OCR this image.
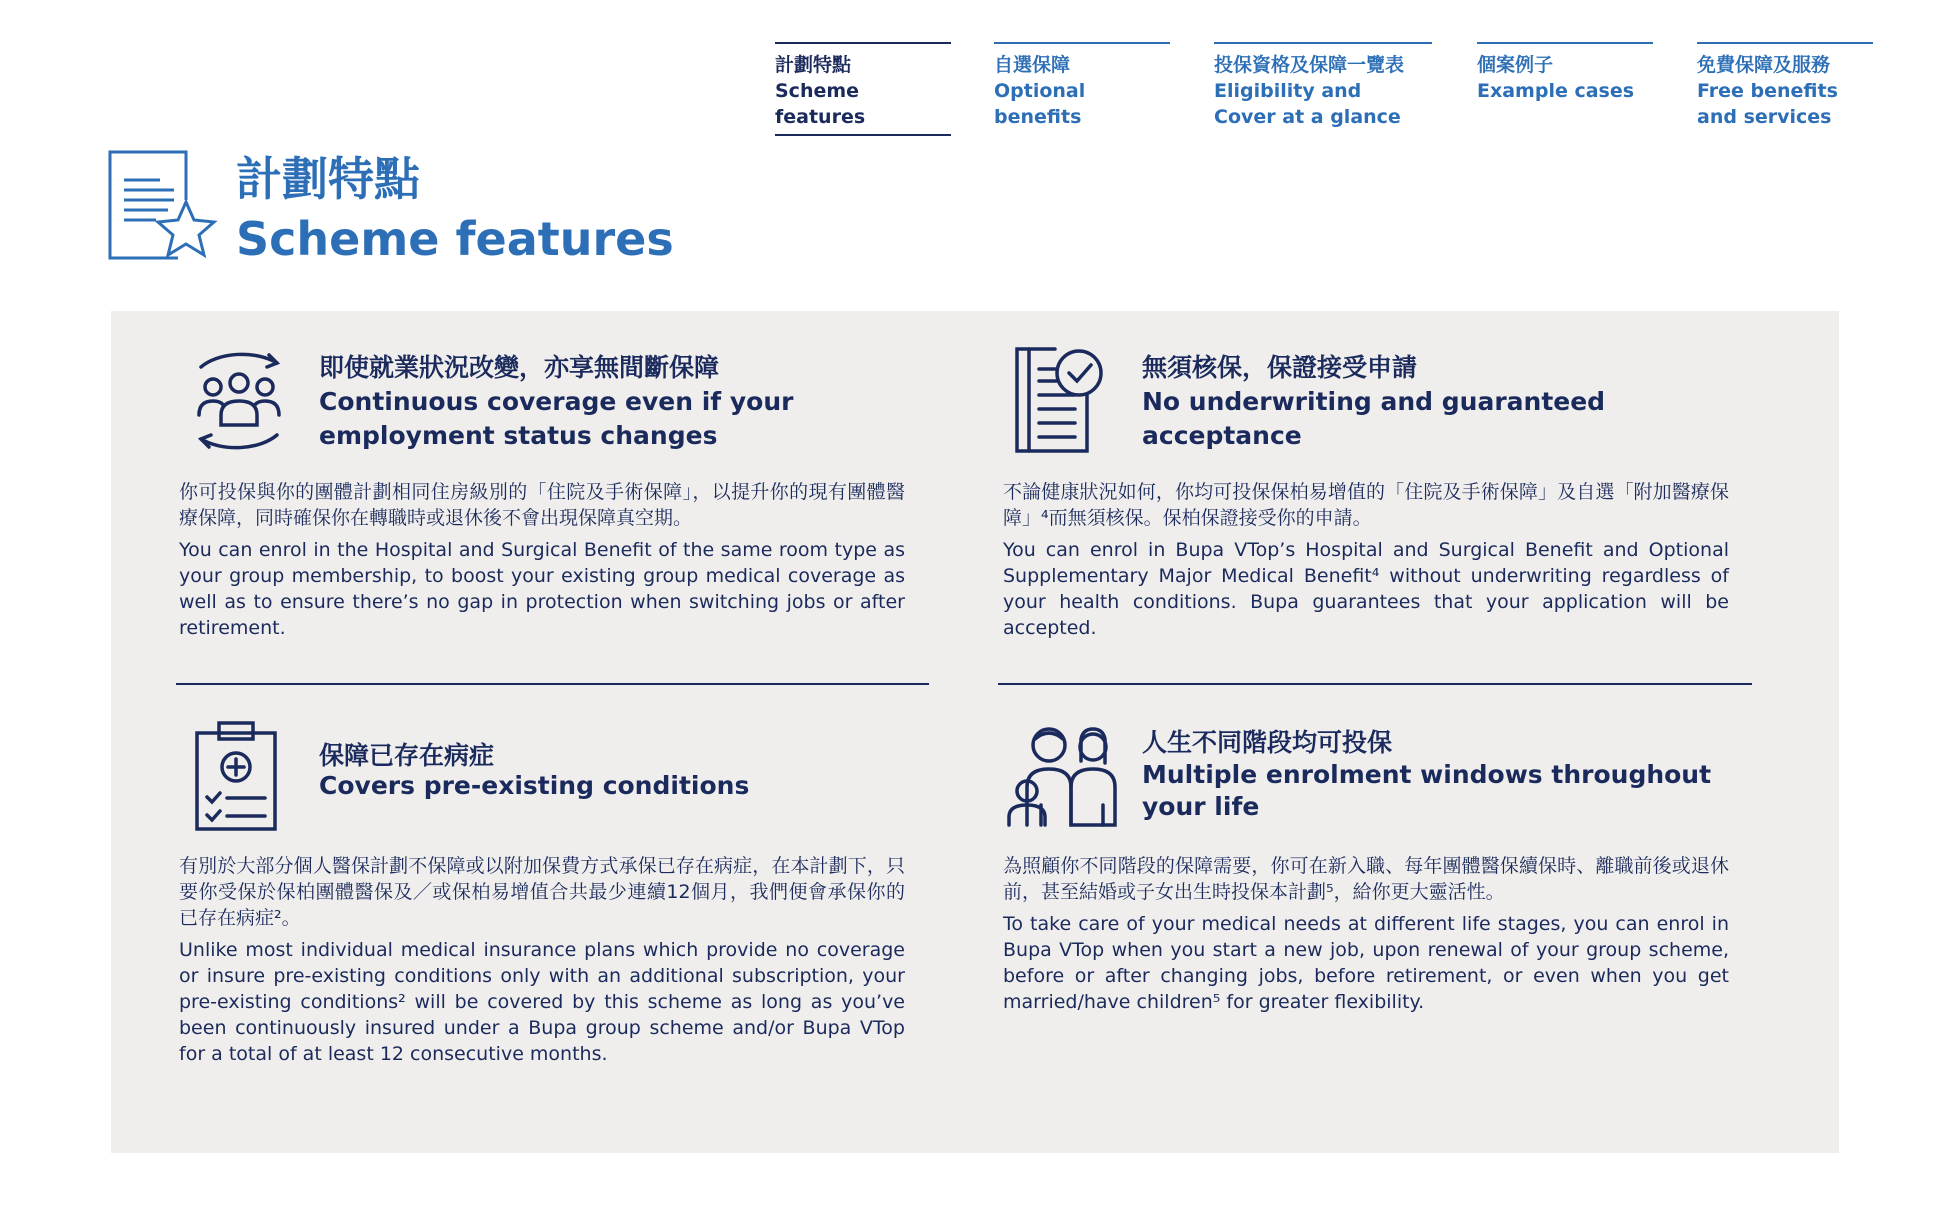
計劃特點
Scheme features
自選保障
Optional benefits
投保資格及保障一覽表
Eligibility and Cover at a glance
個案例子
Example cases
免費保障及服務
Free benefits and services
計劃特點
Scheme features
即使就業狀況改變，亦享無間斷保障
Continuous coverage even if your employment status changes
你可投保與你的團體計劃相同住房級別的「住院及手術保障」，以提升你的現有團體醫療保障，同時確保你在轉職時或退休後不會出現保障真空期。
You can enrol in the Hospital and Surgical Benefit of the same room type as your group membership, to boost your existing group medical coverage as well as to ensure there’s no gap in protection when switching jobs or after retirement.
無須核保，保證接受申請
No underwriting and guaranteed acceptance
不論健康狀況如何，你均可投保保柏易增值的「住院及手術保障」及自選「附加醫療保障」⁴而無須核保。保柏保證接受你的申請。
You can enrol in Bupa VTop’s Hospital and Surgical Benefit and Optional Supplementary Major Medical Benefit⁴ without underwriting regardless of your health conditions. Bupa guarantees that your application will be accepted.
保障已存在病症
Covers pre-existing conditions
有別於大部分個人醫保計劃不保障或以附加保費方式承保已存在病症，在本計劃下，只要你受保於保柏團體醫保及／或保柏易增值合共最少連續12個月，我們便會承保你的已存在病症²。
Unlike most individual medical insurance plans which provide no coverage or insure pre-existing conditions only with an additional subscription, your pre-existing conditions² will be covered by this scheme as long as you’ve been continuously insured under a Bupa group scheme and/or Bupa VTop for a total of at least 12 consecutive months.
人生不同階段均可投保
Multiple enrolment windows throughout your life
為照顧你不同階段的保障需要，你可在新入職、每年團體醫保續保時、離職前後或退休前，甚至結婚或子女出生時投保本計劃⁵，給你更大靈活性。
To take care of your medical needs at different life stages, you can enrol in Bupa VTop when you start a new job, upon renewal of your group scheme, before or after changing jobs, before retirement, or even when you get married/have children⁵ for greater flexibility.
